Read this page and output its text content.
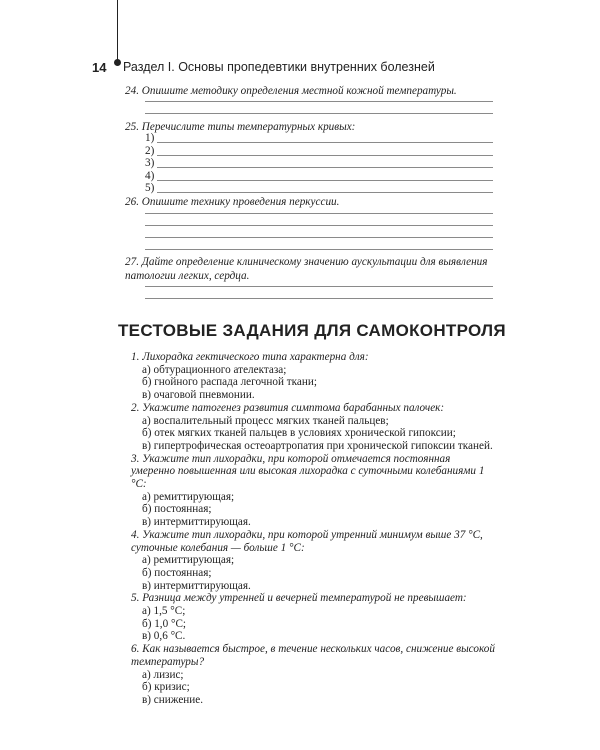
14 Раздел I. Основы пропедевтики внутренних болезней
24. Опишите методику определения местной кожной температуры.
25. Перечислите типы температурных кривых:
1)
2)
3)
4)
5)
26. Опишите технику проведения перкуссии.
27. Дайте определение клиническому значению аускультации для выявления патологии легких, сердца.
ТЕСТОВЫЕ ЗАДАНИЯ ДЛЯ САМОКОНТРОЛЯ
1. Лихорадка гектического типа характерна для:
а) обтурационного ателектаза;
б) гнойного распада легочной ткани;
в) очаговой пневмонии.
2. Укажите патогенез развития симптома барабанных палочек:
а) воспалительный процесс мягких тканей пальцев;
б) отек мягких тканей пальцев в условиях хронической гипоксии;
в) гипертрофическая остеоартропатия при хронической гипоксии тканей.
3. Укажите тип лихорадки, при которой отмечается постоянная умеренно повышенная или высокая лихорадка с суточными колебаниями 1 °С:
а) ремиттирующая;
б) постоянная;
в) интермиттирующая.
4. Укажите тип лихорадки, при которой утренний минимум выше 37 °С, суточные колебания — больше 1 °С:
а) ремиттирующая;
б) постоянная;
в) интермиттирующая.
5. Разница между утренней и вечерней температурой не превышает:
а) 1,5 °С;
б) 1,0 °С;
в) 0,6 °С.
6. Как называется быстрое, в течение нескольких часов, снижение высокой температуры?
а) лизис;
б) кризис;
в) снижение.
